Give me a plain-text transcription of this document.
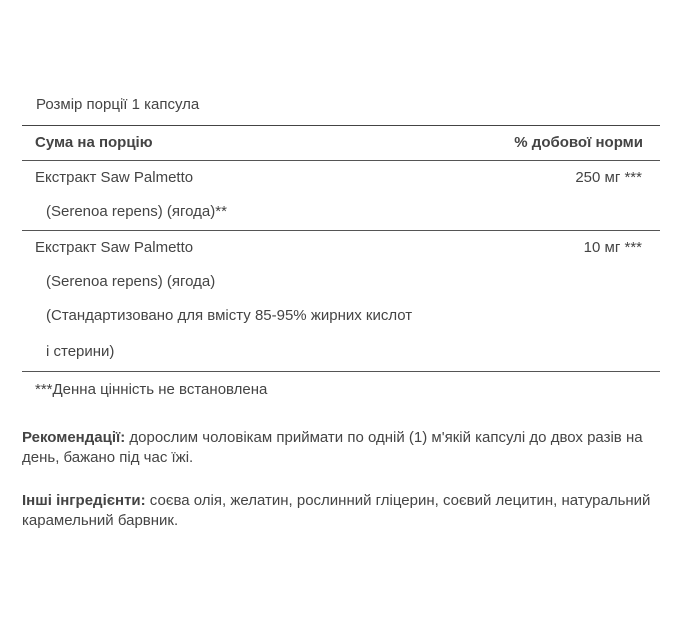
Розмір порції 1 капсула
Сума на порцію	% добової норми
Екстракт Saw Palmetto	250 мг ***
(Serenoa repens) (ягода)**
Екстракт Saw Palmetto	10 мг ***
(Serenoa repens) (ягода)
(Стандартизовано для вмісту 85-95% жирних кислот
і стерини)
***Денна цінність не встановлена
Рекомендації: дорослим чоловікам приймати по одній (1) м'якій капсулі до двох разів на день, бажано під час їжі.
Інші інгредієнти: соєва олія, желатин, рослинний гліцерин, соєвий лецитин, натуральний карамельний барвник.
